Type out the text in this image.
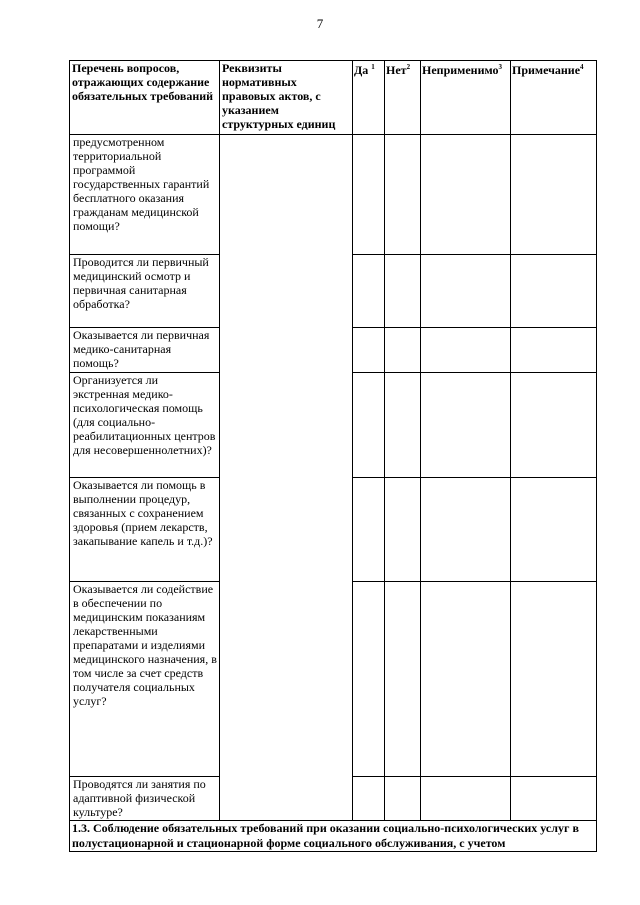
7
Перечень вопросов, отражающих содержание обязательных требований	Реквизиты нормативных правовых актов, с указанием структурных единиц	Да $^1$	Нет$^2$	Неприменимо$^3$	Примечание$^4$
предусмотренном территориальной программой государственных гарантий бесплатного оказания гражданам медицинской помощи?					
Проводится ли первичный медицинский осмотр и первичная санитарная обработка?					
Оказывается ли первичная медико-санитарная помощь?					
Организуется ли экстренная медико-психологическая помощь (для социально-реабилитационных центров для несовершеннолетних)?					
Оказывается ли помощь в выполнении процедур, связанных с сохранением здоровья (прием лекарств, закапывание капель и т.д.)?					
Оказывается ли содействие в обеспечении по медицинским показаниям лекарственными препаратами и изделиями медицинского назначения, в том числе за счет средств получателя социальных услуг?					
Проводятся ли занятия по адаптивной физической культуре?					
1.3. Соблюдение обязательных требований при оказании социально-психологических услуг в полустационарной и стационарной форме социального обслуживания, с учетом					
